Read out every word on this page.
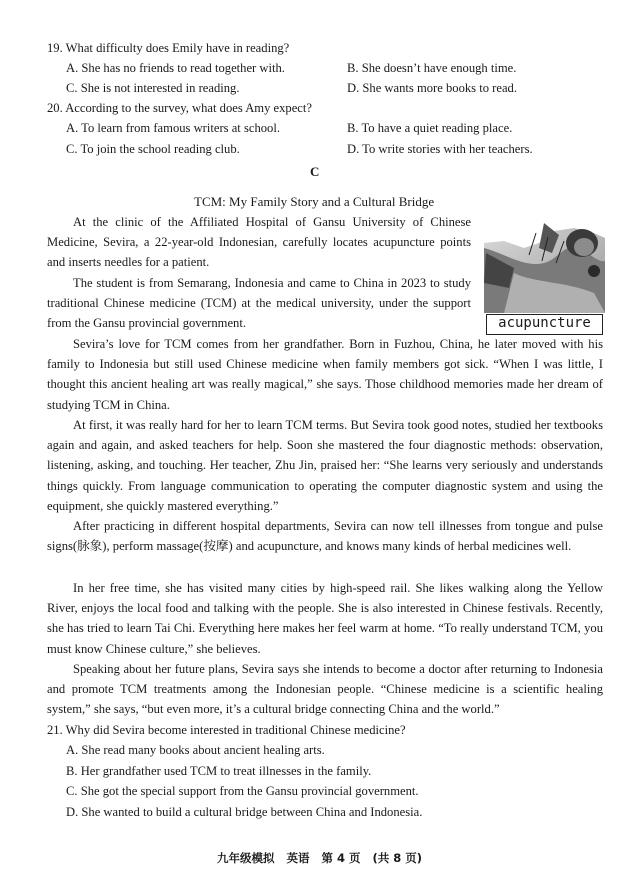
19. What difficulty does Emily have in reading?
A. She has no friends to read together with.	B. She doesn’t have enough time.
C. She is not interested in reading.	D. She wants more books to read.
20. According to the survey, what does Amy expect?
A. To learn from famous writers at school.	B. To have a quiet reading place.
C. To join the school reading club.	D. To write stories with her teachers.
C
TCM: My Family Story and a Cultural Bridge
acupuncture

At the clinic of the Affiliated Hospital of Gansu University of Chinese Medicine, Sevira, a 22-year-old Indonesian, carefully locates acupuncture points and inserts needles for a patient.

The student is from Semarang, Indonesia and came to China in 2023 to study traditional Chinese medicine (TCM) at the medical university, under the support from the Gansu provincial government.

Sevira’s love for TCM comes from her grandfather. Born in Fuzhou, China, he later moved with his family to Indonesia but still used Chinese medicine when family members got sick. “When I was little, I thought this ancient healing art was really magical,” she says. Those childhood memories made her dream of studying TCM in China.

At first, it was really hard for her to learn TCM terms. But Sevira took good notes, studied her textbooks again and again, and asked teachers for help. Soon she mastered the four diagnostic methods: observation, listening, asking, and touching. Her teacher, Zhu Jin, praised her: “She learns very seriously and understands things quickly. From language communication to operating the computer diagnostic system and using the equipment, she quickly mastered everything.”

After practicing in different hospital departments, Sevira can now tell illnesses from tongue and pulse signs(脉象), perform massage(按摩) and acupuncture, and knows many kinds of herbal medicines well.

In her free time, she has visited many cities by high-speed rail. She likes walking along the Yellow River, enjoys the local food and talking with the people. She is also interested in Chinese festivals. Recently, she has tried to learn Tai Chi. Everything here makes her feel warm at home. “To really understand TCM, you must know Chinese culture,” she believes.

Speaking about her future plans, Sevira says she intends to become a doctor after returning to Indonesia and promote TCM treatments among the Indonesian people. “Chinese medicine is a scientific healing system,” she says, “but even more, it’s a cultural bridge connecting China and the world.”

21. Why did Sevira become interested in traditional Chinese medicine?
A. She read many books about ancient healing arts.
B. Her grandfather used TCM to treat illnesses in the family.
C. She got the special support from the Gansu provincial government.
D. She wanted to build a cultural bridge between China and Indonesia.
九年级模拟   英语   第 4 页   (共 8 页)
